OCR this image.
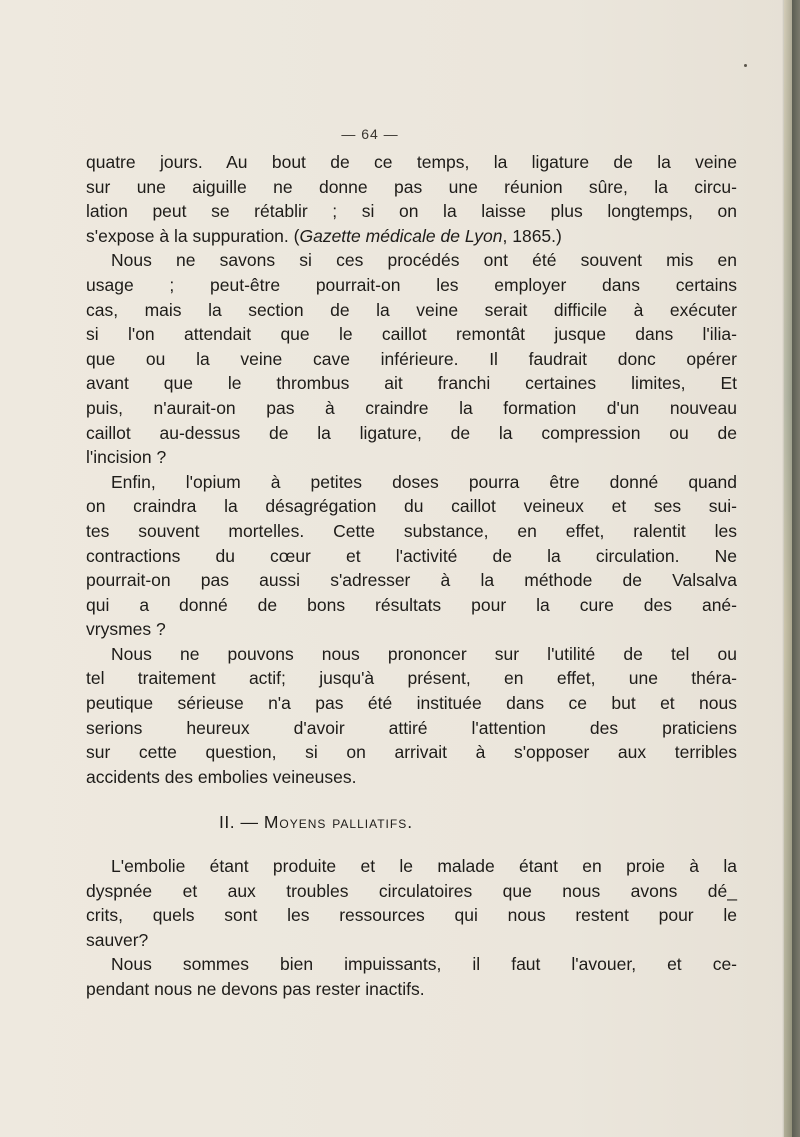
— 64 —

quatre jours. Au bout de ce temps, la ligature de la veine

sur une aiguille ne donne pas une réunion sûre, la circu-

lation peut se rétablir ; si on la laisse plus longtemps, on

s'expose à la suppuration. (Gazette médicale de Lyon, 1865.)

Nous ne savons si ces procédés ont été souvent mis en

usage ; peut-être pourrait-on les employer dans certains

cas, mais la section de la veine serait difficile à exécuter

si l'on attendait que le caillot remontât jusque dans l'ilia-

que ou la veine cave inférieure. Il faudrait donc opérer

avant que le thrombus ait franchi certaines limites, Et

puis, n'aurait-on pas à craindre la formation d'un nouveau

caillot au-dessus de la ligature, de la compression ou de

l'incision ?

Enfin, l'opium à petites doses pourra être donné quand

on craindra la désagrégation du caillot veineux et ses sui-

tes souvent mortelles. Cette substance, en effet, ralentit les

contractions du cœur et l'activité de la circulation. Ne

pourrait-on pas aussi s'adresser à la méthode de Valsalva

qui a donné de bons résultats pour la cure des ané-

vrysmes ?

Nous ne pouvons nous prononcer sur l'utilité de tel ou

tel traitement actif; jusqu'à présent, en effet, une théra-

peutique sérieuse n'a pas été instituée dans ce but et nous

serions heureux d'avoir attiré l'attention des praticiens

sur cette question, si on arrivait à s'opposer aux terribles

accidents des embolies veineuses.

II. — Moyens palliatifs.

L'embolie étant produite et le malade étant en proie à la

dyspnée et aux troubles circulatoires que nous avons dé_

crits, quels sont les ressources qui nous restent pour le

sauver?

Nous sommes bien impuissants, il faut l'avouer, et ce-

pendant nous ne devons pas rester inactifs.
